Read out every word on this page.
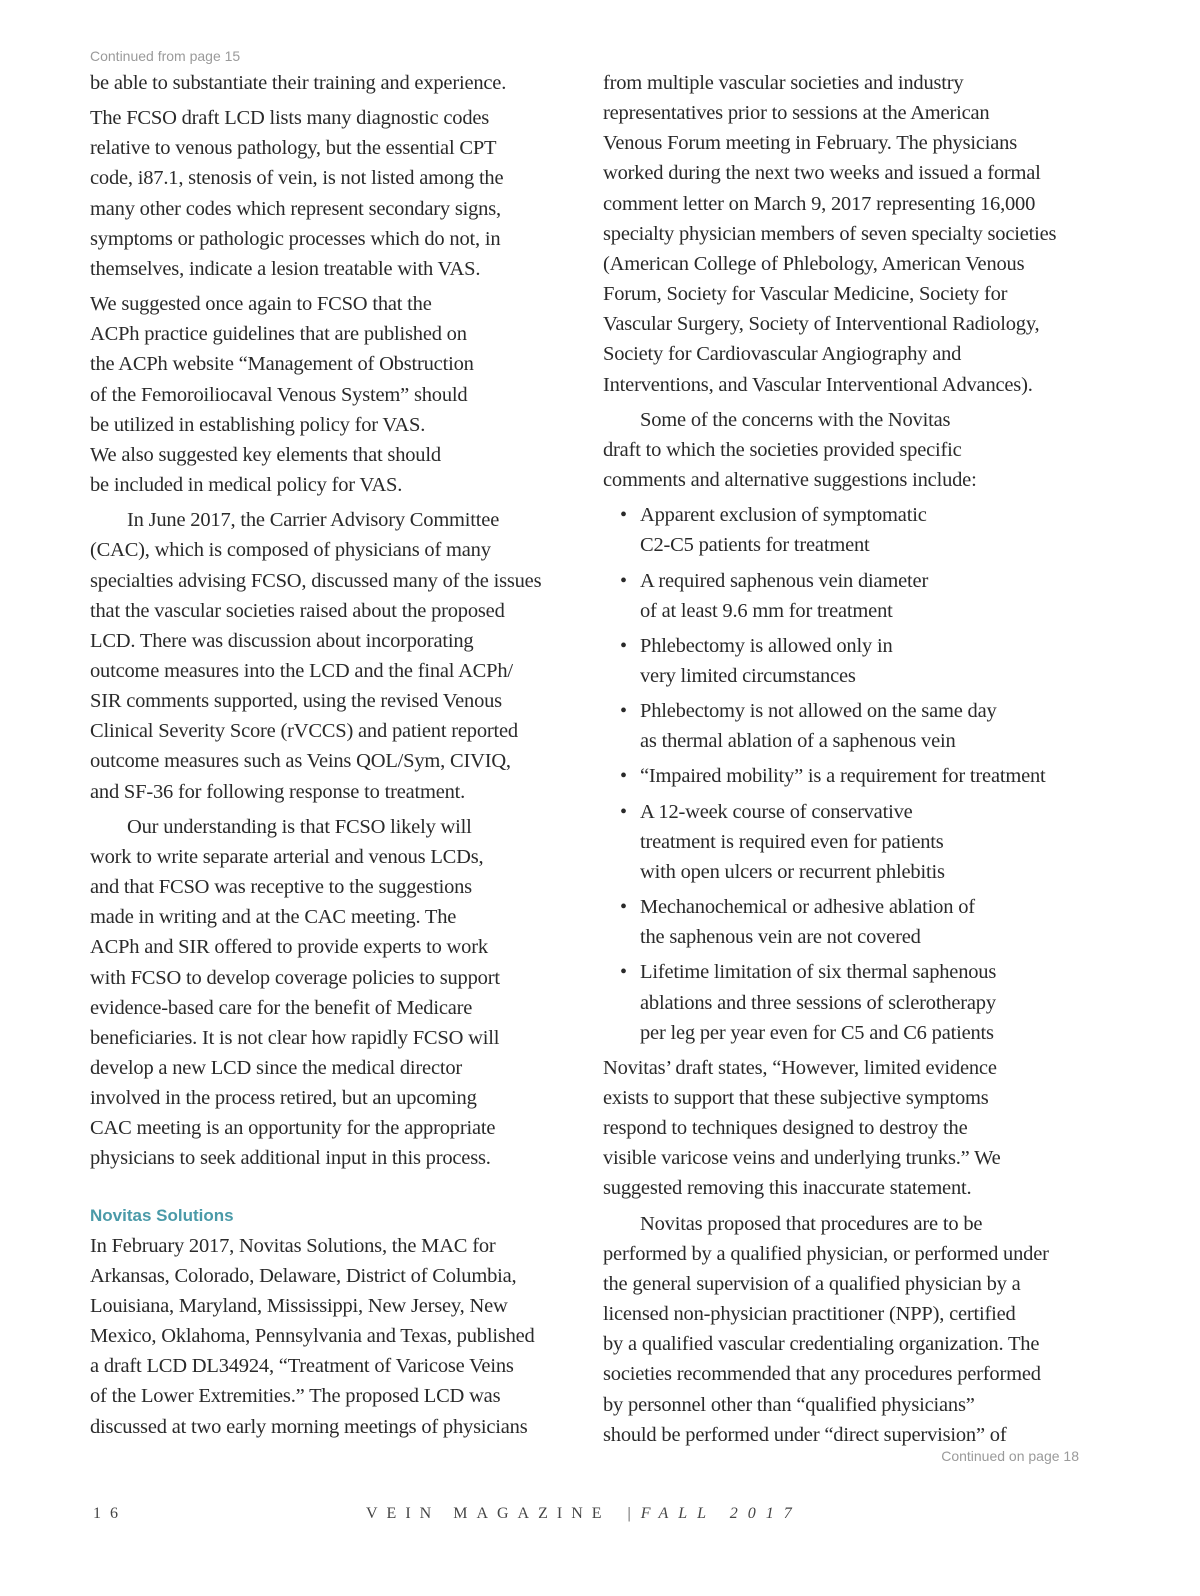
Continued from page 15
be able to substantiate their training and experience.
The FCSO draft LCD lists many diagnostic codes
relative to venous pathology, but the essential CPT
code, i87.1, stenosis of vein, is not listed among the
many other codes which represent secondary signs,
symptoms or pathologic processes which do not, in
themselves, indicate a lesion treatable with VAS.
We suggested once again to FCSO that the
ACPh practice guidelines that are published on
the ACPh website “Management of Obstruction
of the Femoroiliocaval Venous System” should
be utilized in establishing policy for VAS.
We also suggested key elements that should
be included in medical policy for VAS.
In June 2017, the Carrier Advisory Committee
(CAC), which is composed of physicians of many
specialties advising FCSO, discussed many of the issues
that the vascular societies raised about the proposed
LCD. There was discussion about incorporating
outcome measures into the LCD and the final ACPh/
SIR comments supported, using the revised Venous
Clinical Severity Score (rVCCS) and patient reported
outcome measures such as Veins QOL/Sym, CIVIQ,
and SF-36 for following response to treatment.
Our understanding is that FCSO likely will
work to write separate arterial and venous LCDs,
and that FCSO was receptive to the suggestions
made in writing and at the CAC meeting. The
ACPh and SIR offered to provide experts to work
with FCSO to develop coverage policies to support
evidence-based care for the benefit of Medicare
beneficiaries. It is not clear how rapidly FCSO will
develop a new LCD since the medical director
involved in the process retired, but an upcoming
CAC meeting is an opportunity for the appropriate
physicians to seek additional input in this process.
Novitas Solutions
In February 2017, Novitas Solutions, the MAC for
Arkansas, Colorado, Delaware, District of Columbia,
Louisiana, Maryland, Mississippi, New Jersey, New
Mexico, Oklahoma, Pennsylvania and Texas, published
a draft LCD DL34924, “Treatment of Varicose Veins
of the Lower Extremities.” The proposed LCD was
discussed at two early morning meetings of physicians
from multiple vascular societies and industry
representatives prior to sessions at the American
Venous Forum meeting in February. The physicians
worked during the next two weeks and issued a formal
comment letter on March 9, 2017 representing 16,000
specialty physician members of seven specialty societies
(American College of Phlebology, American Venous
Forum, Society for Vascular Medicine, Society for
Vascular Surgery, Society of Interventional Radiology,
Society for Cardiovascular Angiography and
Interventions, and Vascular Interventional Advances).
Some of the concerns with the Novitas
draft to which the societies provided specific
comments and alternative suggestions include:
• Apparent exclusion of symptomatic
C2-C5 patients for treatment
• A required saphenous vein diameter
of at least 9.6 mm for treatment
• Phlebectomy is allowed only in
very limited circumstances
• Phlebectomy is not allowed on the same day
as thermal ablation of a saphenous vein
• “Impaired mobility” is a requirement for treatment
• A 12-week course of conservative
treatment is required even for patients
with open ulcers or recurrent phlebitis
• Mechanochemical or adhesive ablation of
the saphenous vein are not covered
• Lifetime limitation of six thermal saphenous
ablations and three sessions of sclerotherapy
per leg per year even for C5 and C6 patients
Novitas’ draft states, “However, limited evidence
exists to support that these subjective symptoms
respond to techniques designed to destroy the
visible varicose veins and underlying trunks.” We
suggested removing this inaccurate statement.
Novitas proposed that procedures are to be
performed by a qualified physician, or performed under
the general supervision of a qualified physician by a
licensed non-physician practitioner (NPP), certified
by a qualified vascular credentialing organization. The
societies recommended that any procedures performed
by personnel other than “qualified physicians”
should be performed under “direct supervision” of
Continued on page 18
16	VEIN MAGAZINE | FALL 2017
